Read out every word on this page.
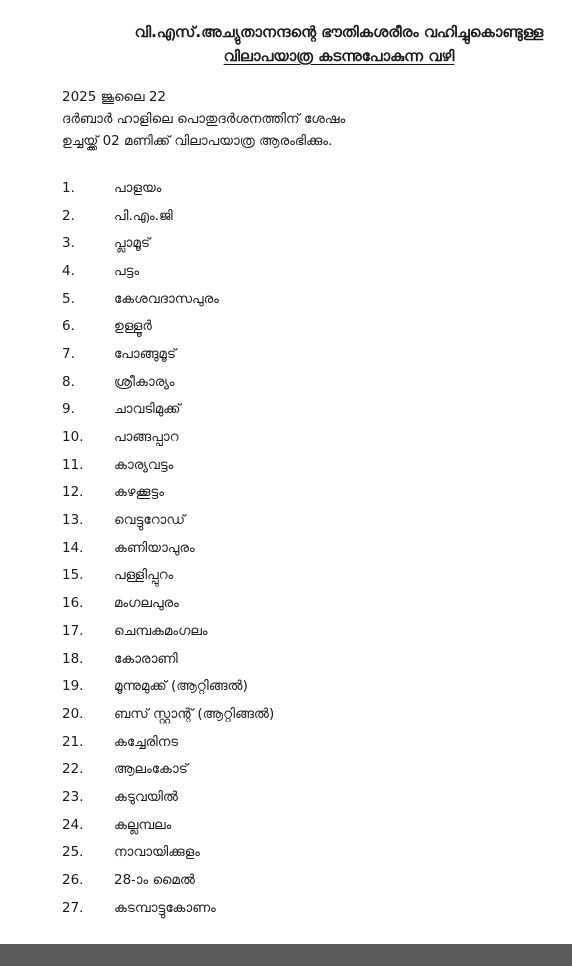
വി.എസ്.അച്യുതാനന്ദന്റെ ഭൗതികശരീരം വഹിച്ചുകൊണ്ടുള്ള
വിലാപയാത്ര കടന്നുപോകുന്ന വഴി
2025 ജൂലൈ 22
ദർബാർ ഹാളിലെ പൊതുദർശനത്തിന് ശേഷം
ഉച്ചയ്ക്ക് 02 മണിക്ക് വിലാപയാത്ര ആരംഭിക്കും.
1.	പാളയം
2.	പി.എം.ജി
3.	പ്ലാമൂട്
4.	പട്ടം
5.	കേശവദാസപുരം
6.	ഉള്ളൂർ
7.	പോങ്ങുമൂട്
8.	ശ്രീകാര്യം
9.	ചാവടിമുക്ക്
10.	പാങ്ങപ്പാറ
11.	കാര്യവട്ടം
12.	കഴക്കൂട്ടം
13.	വെട്ടുറോഡ്
14.	കണിയാപുരം
15.	പള്ളിപ്പുറം
16.	മംഗലപുരം
17.	ചെമ്പകമംഗലം
18.	കോരാണി
19.	മൂന്നുമുക്ക് (ആറ്റിങ്ങൽ)
20.	ബസ് സ്റ്റാന്റ് (ആറ്റിങ്ങൽ)
21.	കച്ചേരിനട
22.	ആലംകോട്
23.	കടുവയിൽ
24.	കല്ലമ്പലം
25.	നാവായിക്കുളം
26.	28-ാം മൈൽ
27.	കടമ്പാട്ടുകോണം
